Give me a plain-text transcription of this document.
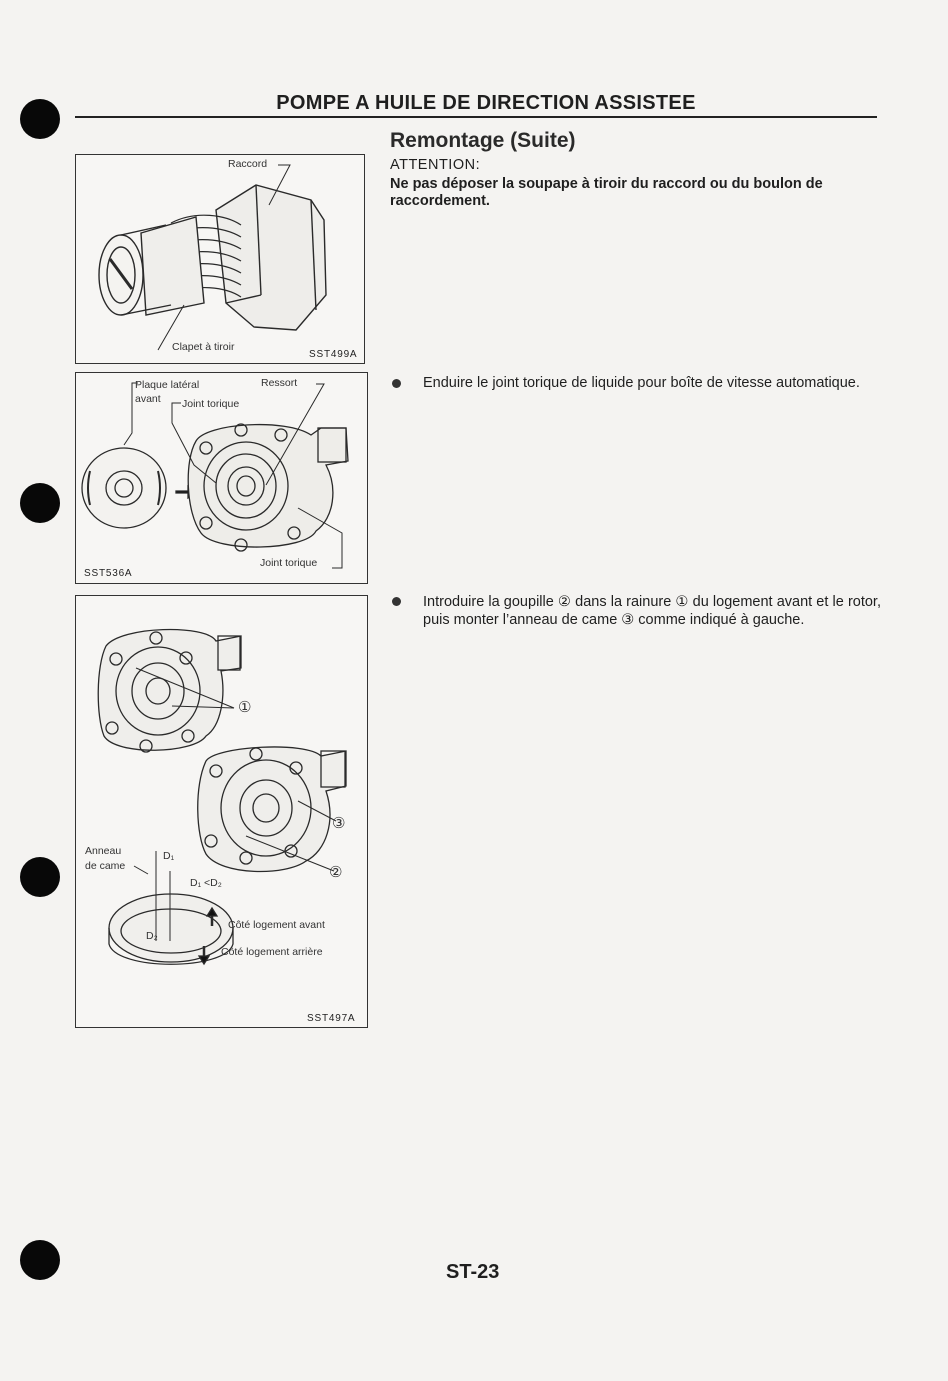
POMPE A HUILE DE DIRECTION ASSISTEE
Remontage (Suite)
ATTENTION:
Ne pas déposer la soupape à tiroir du raccord ou du boulon de raccordement.
Enduire le joint torique de liquide pour boîte de vitesse automatique.
Introduire la goupille ② dans la rainure ① du logement avant et le rotor, puis monter l’anneau de came ③ comme indiqué à gauche.
Raccord
Clapet à tiroir
SST499A
Plaque latéral
avant Joint torique
Ressort
Joint torique
SST536A
①
③
②
Anneau
de came
D₁
D₁ <D₂
D₂
Côté logement avant
Côté logement arrière
SST497A
ST-23
